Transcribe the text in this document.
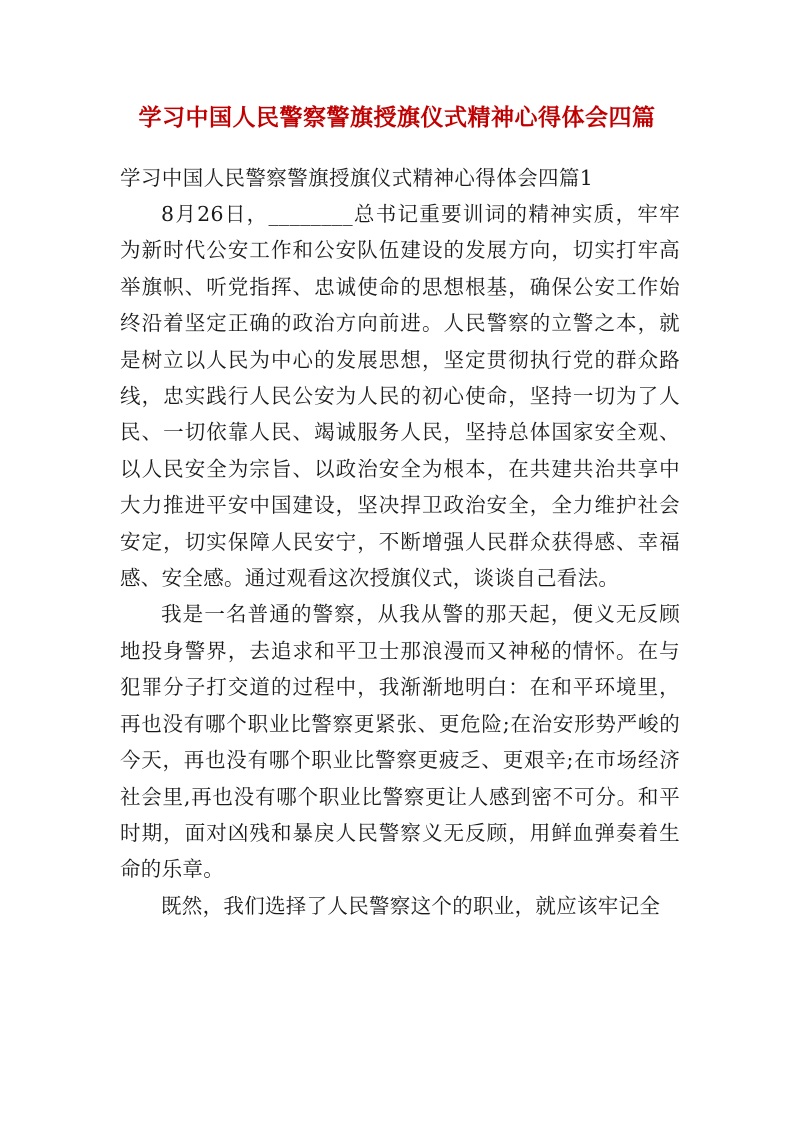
学习中国人民警察警旗授旗仪式精神心得体会四篇
学习中国人民警察警旗授旗仪式精神心得体会四篇1

8月26日，________总书记重要训词的精神实质，牢牢为新时代公安工作和公安队伍建设的发展方向，切实打牢高举旗帜、听党指挥、忠诚使命的思想根基，确保公安工作始终沿着坚定正确的政治方向前进。人民警察的立警之本，就是树立以人民为中心的发展思想，坚定贯彻执行党的群众路线，忠实践行人民公安为人民的初心使命，坚持一切为了人民、一切依靠人民、竭诚服务人民，坚持总体国家安全观、以人民安全为宗旨、以政治安全为根本，在共建共治共享中大力推进平安中国建设，坚决捍卫政治安全，全力维护社会安定，切实保障人民安宁，不断增强人民群众获得感、幸福感、安全感。通过观看这次授旗仪式，谈谈自己看法。

我是一名普通的警察，从我从警的那天起，便义无反顾地投身警界，去追求和平卫士那浪漫而又神秘的情怀。在与犯罪分子打交道的过程中，我渐渐地明白：在和平环境里，再也没有哪个职业比警察更紧张、更危险;在治安形势严峻的今天，再也没有哪个职业比警察更疲乏、更艰辛;在市场经济社会里,再也没有哪个职业比警察更让人感到密不可分。和平时期，面对凶残和暴戾人民警察义无反顾，用鲜血弹奏着生命的乐章。

既然，我们选择了人民警察这个的职业，就应该牢记全
